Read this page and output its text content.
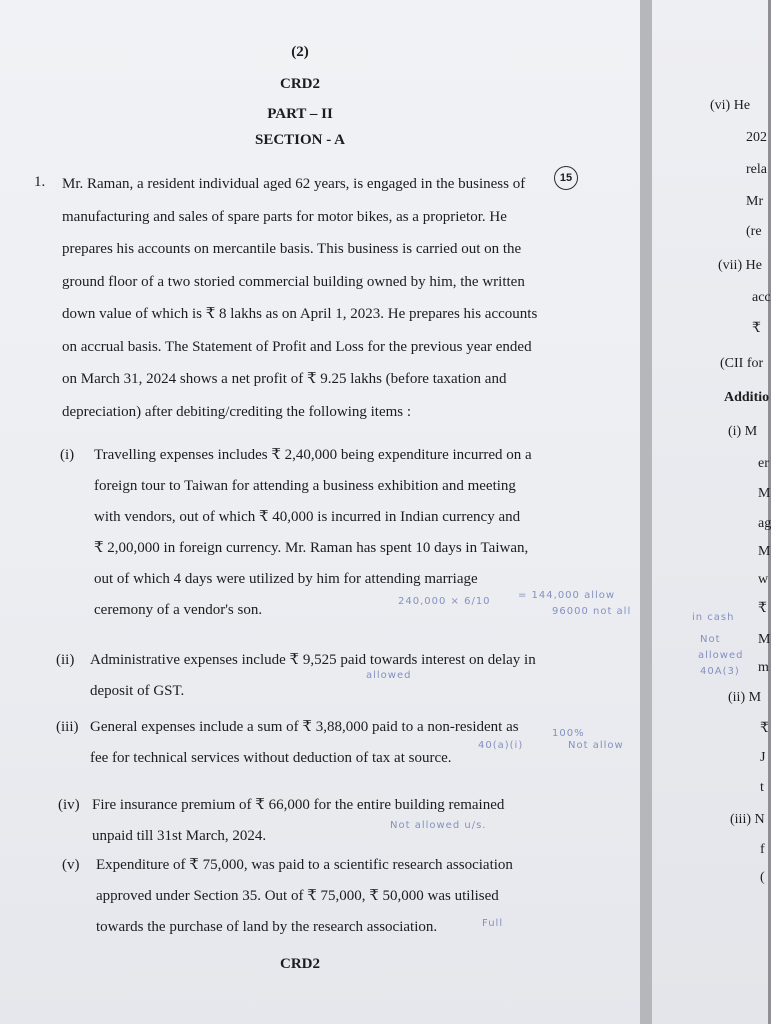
(2)
CRD2
PART – II
SECTION - A
1.	15
Mr. Raman, a resident individual aged 62 years, is engaged in the business of
manufacturing and sales of spare parts for motor bikes, as a proprietor. He
prepares his accounts on mercantile basis. This business is carried out on the
ground floor of a two storied commercial building owned by him, the written
down value of which is ₹ 8 lakhs as on April 1, 2023. He prepares his accounts
on accrual basis. The Statement of Profit and Loss for the previous year ended
on March 31, 2024 shows a net profit of ₹ 9.25 lakhs (before taxation and
depreciation) after debiting/crediting the following items :
(i) Travelling expenses includes ₹ 2,40,000 being expenditure incurred on a
foreign tour to Taiwan for attending a business exhibition and meeting
with vendors, out of which ₹ 40,000 is incurred in Indian currency and
₹ 2,00,000 in foreign currency. Mr. Raman has spent 10 days in Taiwan,
out of which 4 days were utilized by him for attending marriage
ceremony of a vendor's son.
(ii) Administrative expenses include ₹ 9,525 paid towards interest on delay in
deposit of GST.
(iii) General expenses include a sum of ₹ 3,88,000 paid to a non-resident as
fee for technical services without deduction of tax at source.
(iv) Fire insurance premium of ₹ 66,000 for the entire building remained
unpaid till 31st March, 2024.
(v) Expenditure of ₹ 75,000, was paid to a scientific research association
approved under Section 35. Out of ₹ 75,000, ₹ 50,000 was utilised
towards the purchase of land by the research association.
240,000 × 6/10
= 144,000 allow
96000 not all
allowed
40(a)(i)
100%
Not allow
Not allowed u/s.
Full
CRD2
(vi) He
202
rela
Mr
(re
(vii) He
acc
₹
(CII for
Additio
(i) M
er
M
ag
M
w
₹
M
m
(ii) M
₹
J
t
(iii) N
f
(
in cash
Not
allowed
40A(3)
